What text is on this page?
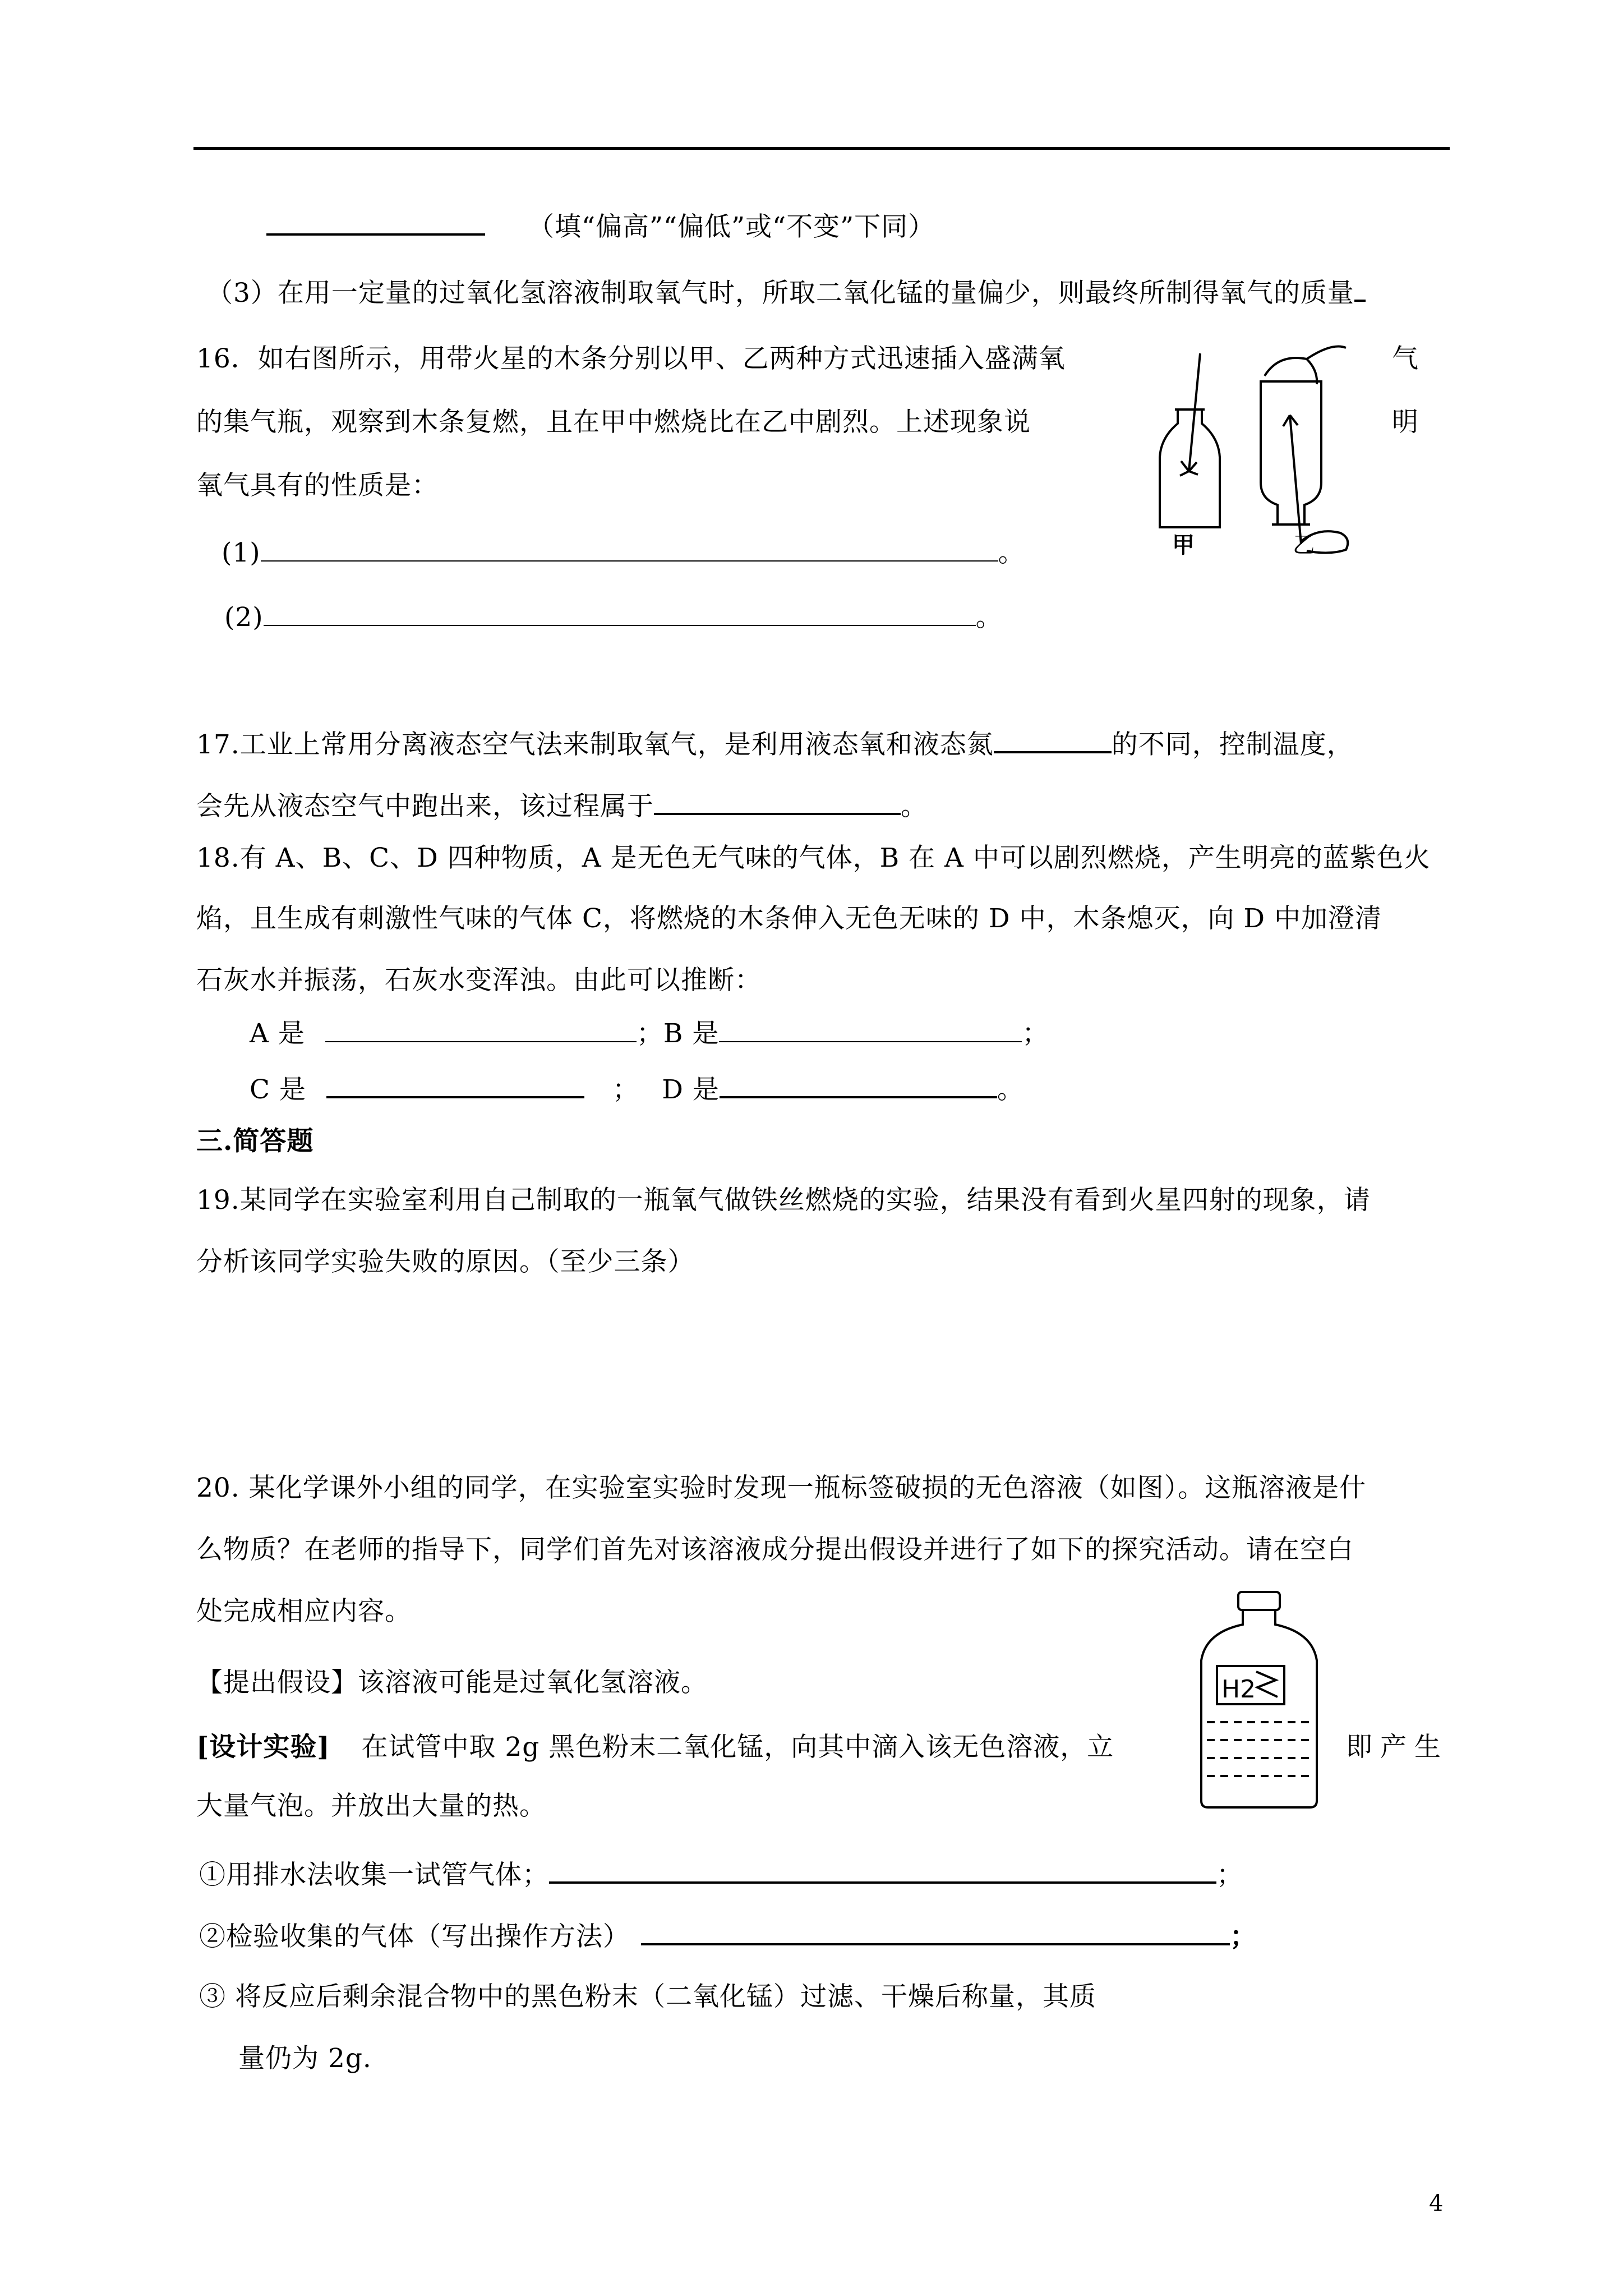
（填“偏高”“偏低”或“不变”下同）
（3）在用一定量的过氧化氢溶液制取氧气时，所取二氧化锰的量偏少，则最终所制得氧气的质量
16．如右图所示，用带火星的木条分别以甲、乙两种方式迅速插入盛满氧	气
的集气瓶，观察到木条复燃，且在甲中燃烧比在乙中剧烈。上述现象说	明
氧气具有的性质是：
(1)	。
(2)	。
甲	乙
17.工业上常用分离液态空气法来制取氧气，是利用液态氧和液态氮	的不同，控制温度，
会先从液态空气中跑出来，该过程属于	。
18.有 A、B、C、D 四种物质，A 是无色无气味的气体，B 在 A 中可以剧烈燃烧，产生明亮的蓝紫色火
焰，且生成有刺激性气味的气体 C，将燃烧的木条伸入无色无味的 D 中，木条熄灭，向 D 中加澄清
石灰水并振荡，石灰水变浑浊。由此可以推断：
A 是	；B 是	；
C 是	；　 D 是	。
三.简答题
19.某同学在实验室利用自己制取的一瓶氧气做铁丝燃烧的实验，结果没有看到火星四射的现象，请
分析该同学实验失败的原因。（至少三条）
20. 某化学课外小组的同学，在实验室实验时发现一瓶标签破损的无色溶液（如图）。这瓶溶液是什
么物质？在老师的指导下，同学们首先对该溶液成分提出假设并进行了如下的探究活动。请在空白
处完成相应内容。
【提出假设】该溶液可能是过氧化氢溶液。
[设计实验] 在试管中取 2g 黑色粉末二氧化锰，向其中滴入该无色溶液，立	即产生
大量气泡。并放出大量的热。
H2
①用排水法收集一试管气体；	；
②检验收集的气体（写出操作方法）	；
③ 将反应后剩余混合物中的黑色粉末（二氧化锰）过滤、干燥后称量，其质
量仍为 2g.
4
